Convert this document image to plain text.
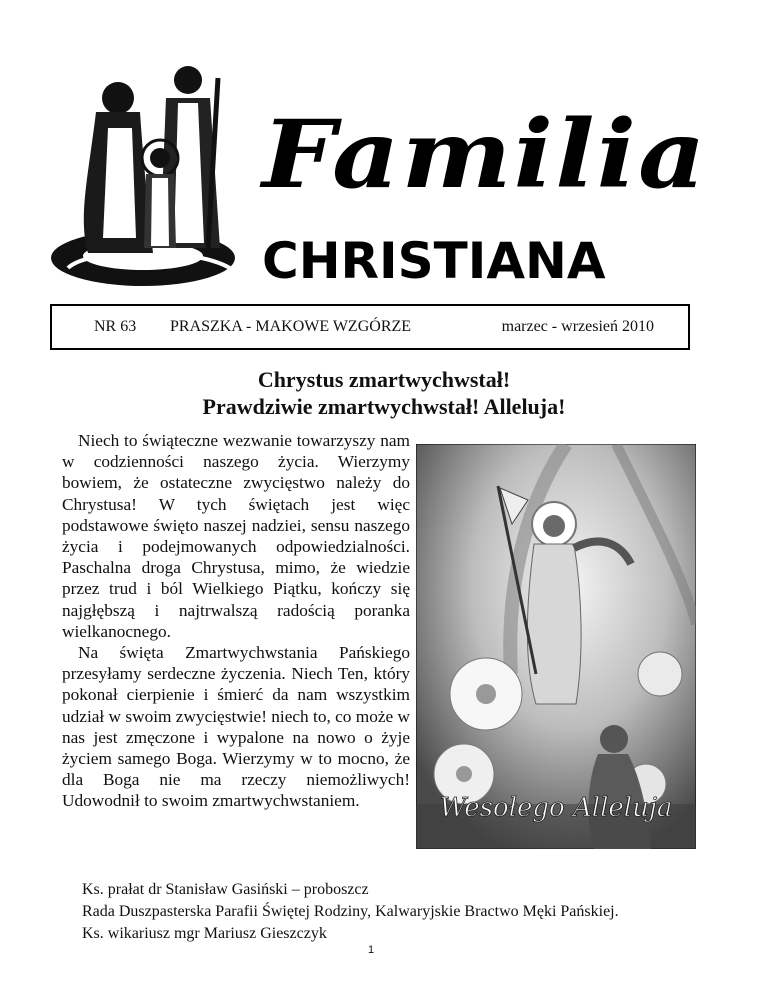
Familia
CHRISTIANA
NR 63 PRASZKA - MAKOWE WZGÓRZE	marzec - wrzesień 2010
Chrystus zmartwychwstał!
Prawdziwie zmartwychwstał! Alleluja!

Niech to świąteczne wezwanie towarzyszy nam w codzienności naszego życia. Wierzymy bowiem, że ostateczne zwycięstwo należy do Chrystusa! W tych świętach jest więc podstawowe święto naszej nadziei, sensu naszego życia i podejmowanych odpowiedzialności. Paschalna droga Chrystusa, mimo, że wiedzie przez trud i ból Wielkiego Piątku, kończy się najgłębszą i najtrwalszą radością poranka wielkanocnego.

Na święta Zmartwychwstania Pańskiego przesyłamy serdeczne życzenia. Niech Ten, który pokonał cierpienie i śmierć da nam wszystkim udział w swoim zwycięstwie! niech to, co może w nas jest zmęczone i wypalone na nowo o żyje życiem samego Boga. Wierzymy w to mocno, że dla Boga nie ma rzeczy niemożliwych! Udowodnił to swoim zmartwychwstaniem.	Wesołego Alleluja
Ks. prałat dr Stanisław Gasiński – proboszcz
Rada Duszpasterska Parafii Świętej Rodziny, Kalwaryjskie Bractwo Męki Pańskiej.
Ks. wikariusz mgr Mariusz Gieszczyk
1
